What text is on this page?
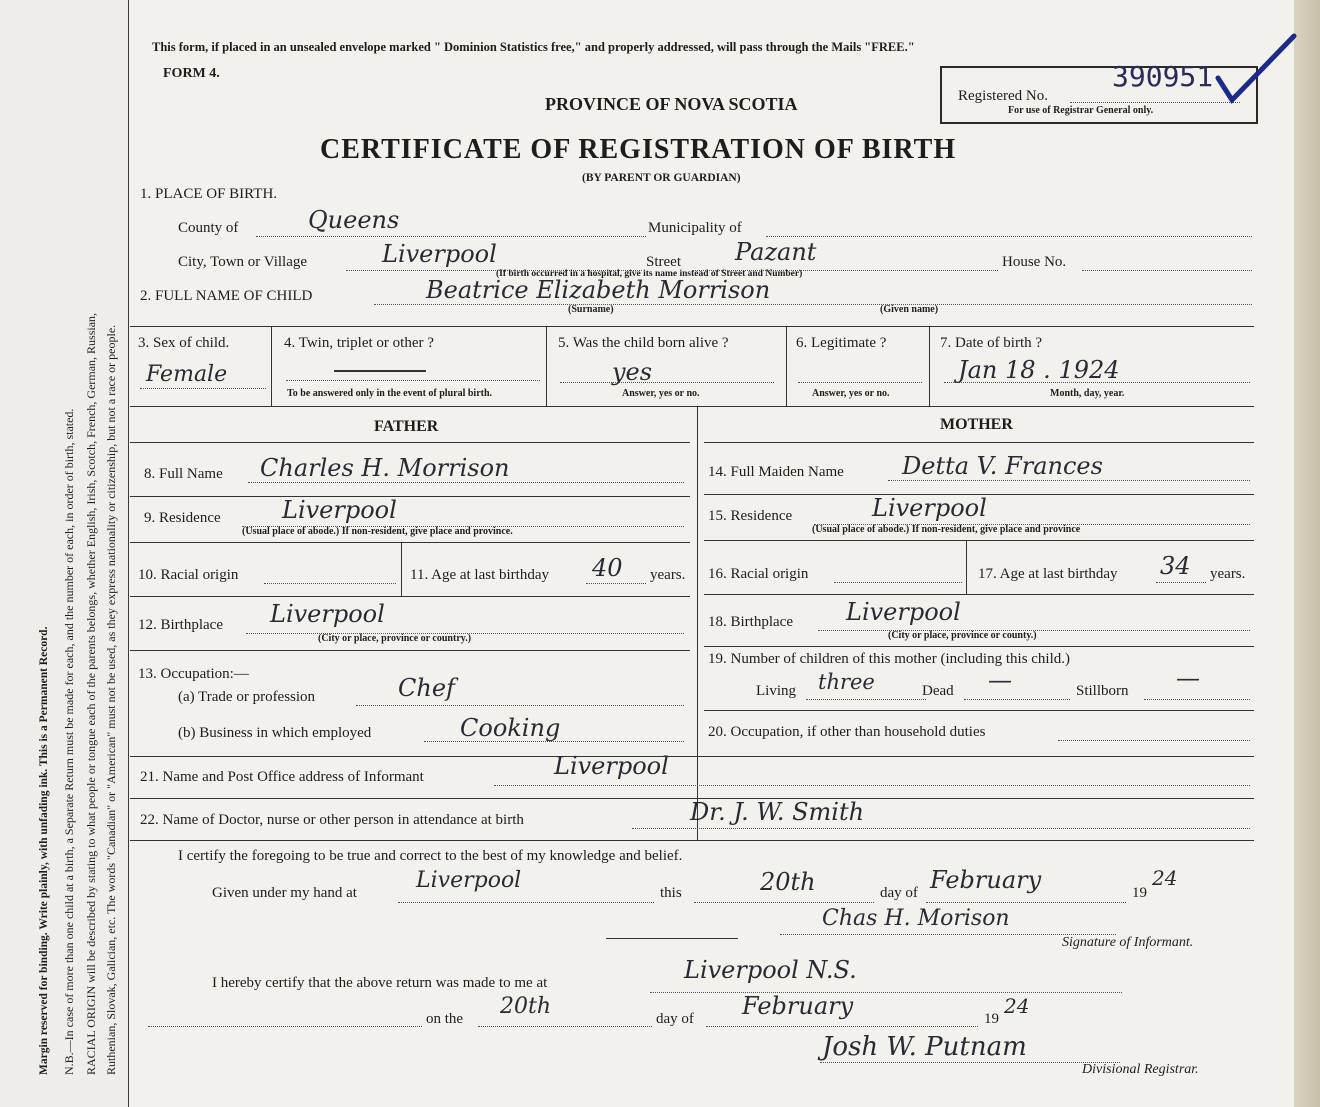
Margin reserved for binding. Write plainly, with unfading ink. This is a Permanent Record. N.B.—In case of more than one child at a birth, a Separate Return must be made for each, and the number of each, in order of birth, stated. RACIAL ORIGIN will be described by stating to what people or tongue each of the parents belongs, whether English, Irish, Scotch, French, German, Russian, Ruthenian, Slovak, Galician, etc. The words "Canadian" or "American" must not be used, as they express nationality or citizenship, but not a race or people.
This form, if placed in an unsealed envelope marked " Dominion Statistics free," and properly addressed, will pass through the Mails "FREE."
FORM 4.
PROVINCE OF NOVA SCOTIA
CERTIFICATE OF REGISTRATION OF BIRTH
(BY PARENT OR GUARDIAN)
Registered No.
390951
For use of Registrar General only.
1. PLACE OF BIRTH.
County of	Queens	Municipality of
City, Town or Village	Liverpool	Street Pazant	House No.
(If birth occurred in a hospital, give its name instead of Street and Number)
2. FULL NAME OF CHILD	Beatrice Elizabeth Morrison
(Surname)	(Given name)
3. Sex of child.
Female
4. Twin, triplet or other ?
To be answered only in the event of plural birth.
5. Was the child born alive ?
yes
Answer, yes or no.
6. Legitimate ?
Answer, yes or no.
7. Date of birth ?
Jan 18 . 1924
Month, day, year.
FATHER	MOTHER
8. Full Name Charles H. Morrison
9. Residence	Liverpool
(Usual place of abode.) If non-resident, give place and province.
10. Racial origin	11. Age at last birthday 40 years.
12. Birthplace Liverpool
(City or place, province or country.)
13. Occupation:—
(a) Trade or profession	Chef
(b) Business in which employed	Cooking
14. Full Maiden Name Detta V. Frances
15. Residence	Liverpool
(Usual place of abode.) If non-resident, give place and province
16. Racial origin	17. Age at last birthday 34 years.
18. Birthplace Liverpool
(City or place, province or county.)
19. Number of children of this mother (including this child.)
Living three	Dead —	Stillborn —
20. Occupation, if other than household duties
21. Name and Post Office address of Informant	Liverpool
22. Name of Doctor, nurse or other person in attendance at birth	Dr. J. W. Smith
I certify the foregoing to be true and correct to the best of my knowledge and belief.
Given under my hand at	Liverpool	this	20th	day of February	19
24
Chas H. Morison
Signature of Informant.
I hereby certify that the above return was made to me at	Liverpool N.S.
on the 20th	day of February	19
24
Josh W. Putnam
Divisional Registrar.
